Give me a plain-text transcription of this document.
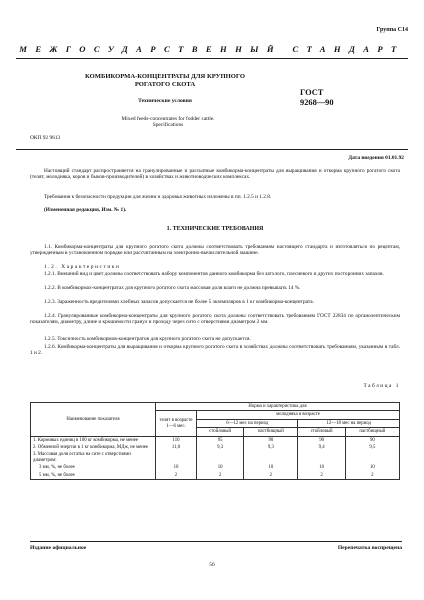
Группа С14
МЕЖГОСУДАРСТВЕННЫЙ СТАНДАРТ
КОМБИКОРМА-КОНЦЕНТРАТЫ ДЛЯ КРУПНОГО
РОГАТОГО СКОТА
Технические условия
ГОСТ
9268—90
Mixed feeds-concentrates for fodder cattle.
Specifications
ОКП 92 9613
Дата введения 01.01.92

Настоящий стандарт распространяется на гранулированные и рассыпные комбикорма-концентраты для выращивания и откорма крупного рогатого скота (телят, молодняка, коров и быков-производителей) в хозяйствах и животноводческих комплексах.

Требования к безопасности продукции для жизни и здоровья животных изложены в пп. 1.2.5 и 1.2.8.

(Измененная редакция, Изм. № 1).

1. ТЕХНИЧЕСКИЕ ТРЕБОВАНИЯ

1.1. Комбикорма-концентраты для крупного рогатого скота должны соответствовать требованиям настоящего стандарта и изготовляться по рецептам, утвержденным в установленном порядке или рассчитанным на электронно-вычислительной машине.

1.2. Характеристики

1.2.1. Внешний вид и цвет должны соответствовать набору компонентов данного комбикорма без затхлого, плесневого и других посторонних запахов.

1.2.2. В комбикормах-концентратах для крупного рогатого скота массовая доля влаги не должна превышать 14 %.

1.2.3. Зараженность вредителями хлебных запасов допускается не более 5 экземпляров в 1 кг комбикорма-концентрата.

1.2.4. Гранулированные комбикорма-концентраты для крупного рогатого скота должны соответствовать требованиям ГОСТ 22834 по органолептическим показателям, диаметру, длине и крошимости гранул и проходу через сито с отверстиями диаметром 2 мм.

1.2.5. Токсичность комбикормов-концентратов для крупного рогатого скота не допускается.

1.2.6. Комбикорма-концентраты для выращивания и откорма крупного рогатого скота в хозяйствах должны соответствовать требованиям, указанным в табл. 1 и 2.

Таблица 1
Наименование показателя	Норма и характеристика для				
	телят в возрасте 1—6 мес.	молодняка в возрасте			
		6—12 мес на период		12—18 мес на период	
		стойловый	пастбищный	стойловый	пастбищный
1. Кормовых единиц в 100 кг комбикорма, не менее	110	95	90	90	90
2. Обменной энергии в 1 кг комбикорма, МДж, не менее	11,0	9,3	9,3	9,4	9,5
3. Массовая доля остатка на сите с отверстиями диаметром:					
3 мм, %, не более	10	10	10	10	10
5 мм, %, не более	2	2	2	2	2
Издание официальное	Перепечатка воспрещена
56
